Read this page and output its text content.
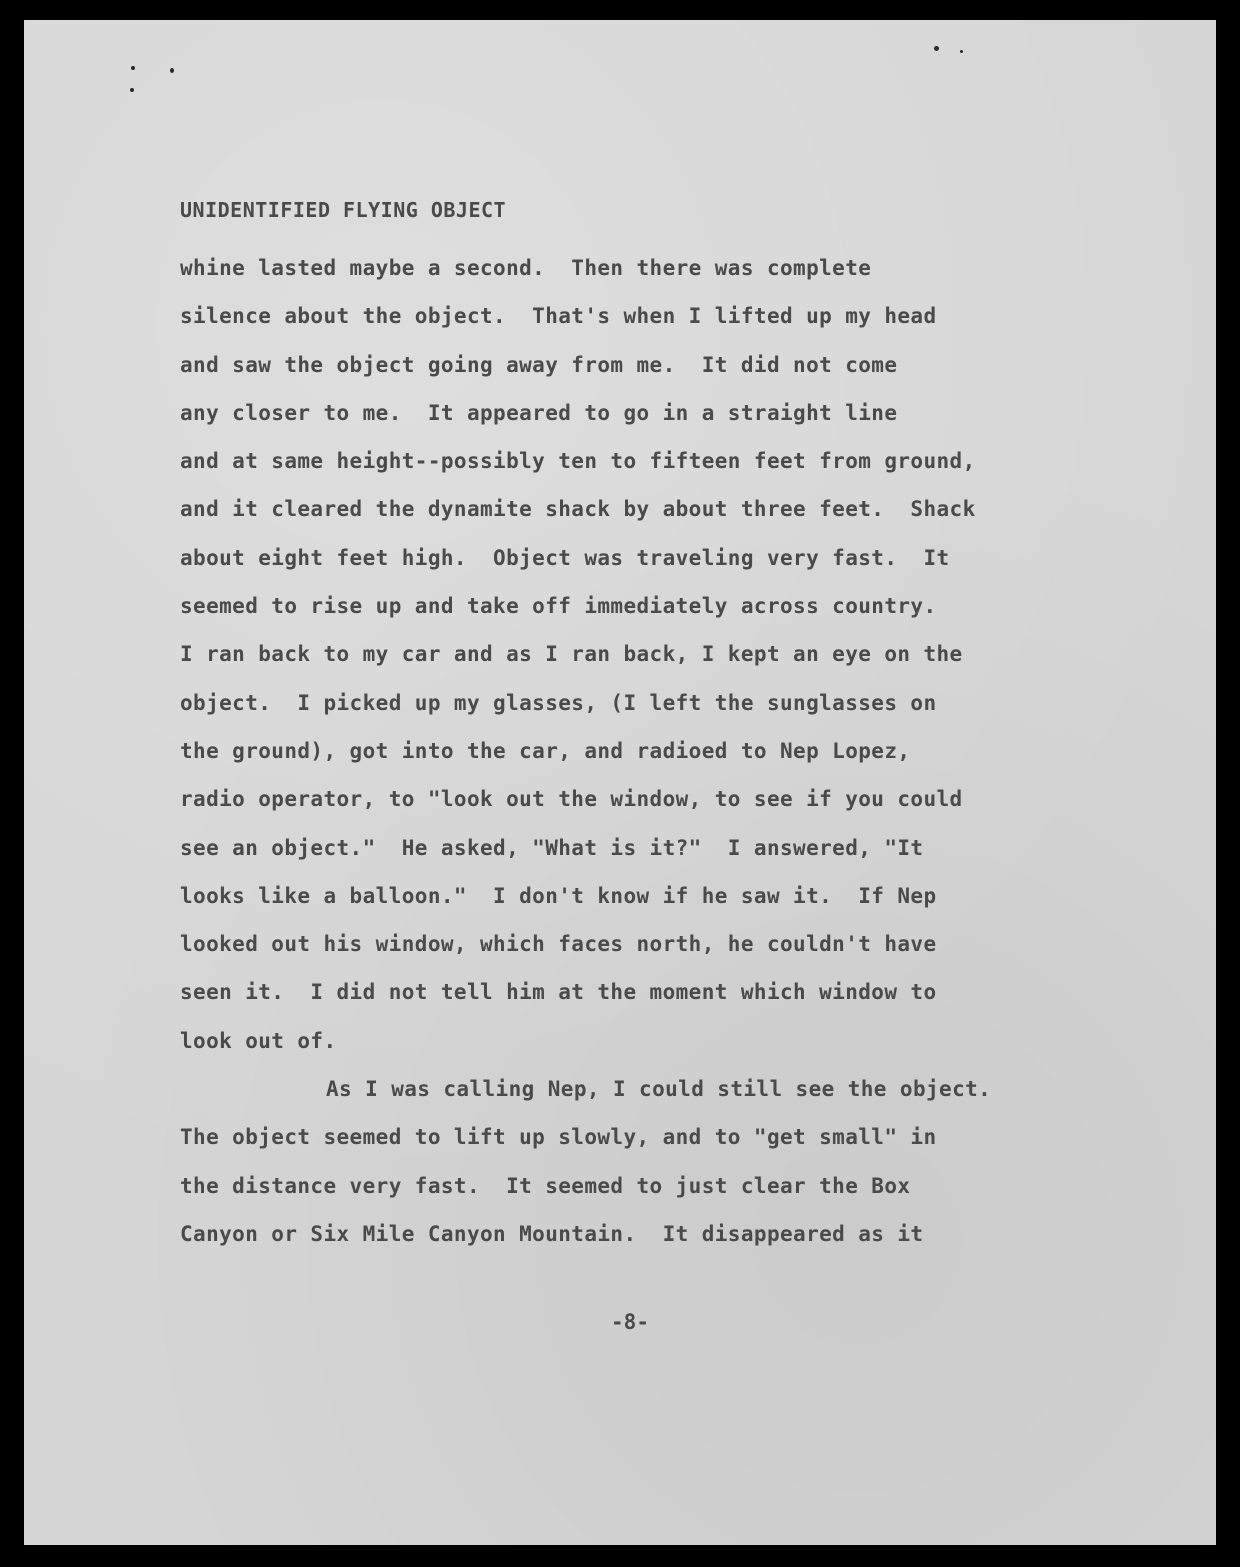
UNIDENTIFIED FLYING OBJECT
whine lasted maybe a second.  Then there was complete
silence about the object.  That's when I lifted up my head
and saw the object going away from me.  It did not come
any closer to me.  It appeared to go in a straight line
and at same height--possibly ten to fifteen feet from ground,
and it cleared the dynamite shack by about three feet.  Shack
about eight feet high.  Object was traveling very fast.  It
seemed to rise up and take off immediately across country.
I ran back to my car and as I ran back, I kept an eye on the
object.  I picked up my glasses, (I left the sunglasses on
the ground), got into the car, and radioed to Nep Lopez,
radio operator, to "look out the window, to see if you could
see an object."  He asked, "What is it?"  I answered, "It
looks like a balloon."  I don't know if he saw it.  If Nep
looked out his window, which faces north, he couldn't have
seen it.  I did not tell him at the moment which window to
look out of.
As I was calling Nep, I could still see the object.
The object seemed to lift up slowly, and to "get small" in
the distance very fast.  It seemed to just clear the Box
Canyon or Six Mile Canyon Mountain.  It disappeared as it
-8-
